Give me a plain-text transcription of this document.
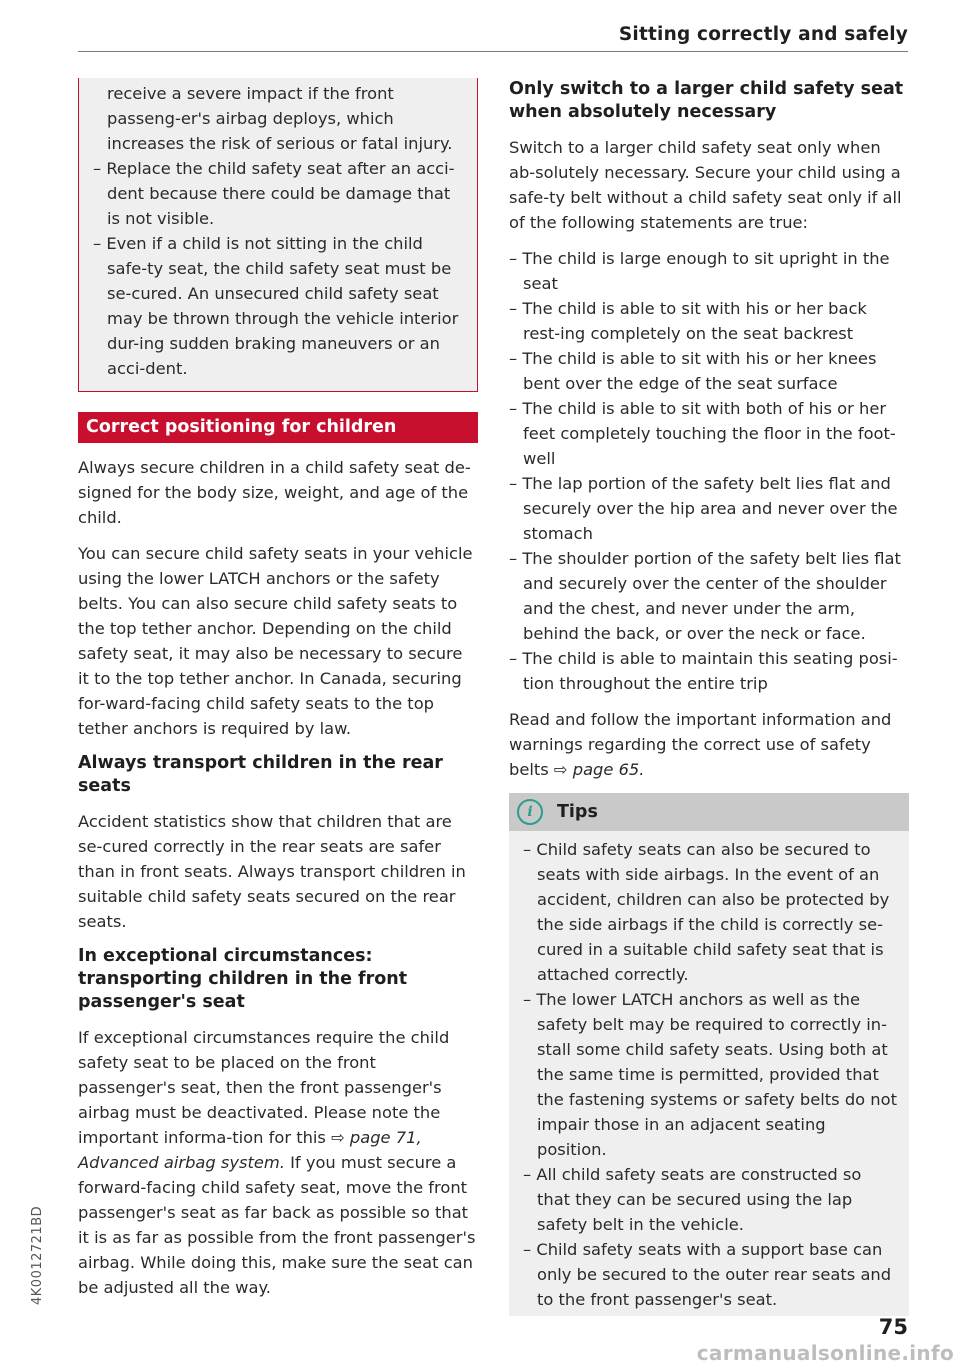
Sitting correctly and safely

receive a severe impact if the front passeng-er's airbag deploys, which increases the risk of serious or fatal injury.

– Replace the child safety seat after an acci-dent because there could be damage that is not visible.
– Even if a child is not sitting in the child safe-ty seat, the child safety seat must be se-cured. An unsecured child safety seat may be thrown through the vehicle interior dur-ing sudden braking maneuvers or an acci-dent.
Correct positioning for children

Always secure children in a child safety seat de-signed for the body size, weight, and age of the child.

You can secure child safety seats in your vehicle using the lower LATCH anchors or the safety belts. You can also secure child safety seats to the top tether anchor. Depending on the child safety seat, it may also be necessary to secure it to the top tether anchor. In Canada, securing for-ward-facing child safety seats to the top tether anchors is required by law.

Always transport children in the rear seats

Accident statistics show that children that are se-cured correctly in the rear seats are safer than in front seats. Always transport children in suitable child safety seats secured on the rear seats.

In exceptional circumstances: transporting children in the front passenger's seat

If exceptional circumstances require the child safety seat to be placed on the front passenger's seat, then the front passenger's airbag must be deactivated. Please note the important informa-tion for this ⇨ page 71, Advanced airbag system. If you must secure a forward-facing child safety seat, move the front passenger's seat as far back as possible so that it is as far as possible from the front passenger's airbag. While doing this, make sure the seat can be adjusted all the way.

Only switch to a larger child safety seat when absolutely necessary

Switch to a larger child safety seat only when ab-solutely necessary. Secure your child using a safe-ty belt without a child safety seat only if all of the following statements are true:

– The child is large enough to sit upright in the seat
– The child is able to sit with his or her back rest-ing completely on the seat backrest
– The child is able to sit with his or her knees bent over the edge of the seat surface
– The child is able to sit with both of his or her feet completely touching the floor in the foot-well
– The lap portion of the safety belt lies flat and securely over the hip area and never over the stomach
– The shoulder portion of the safety belt lies flat and securely over the center of the shoulder and the chest, and never under the arm, behind the back, or over the neck or face.
– The child is able to maintain this seating posi-tion throughout the entire trip

Read and follow the important information and warnings regarding the correct use of safety belts ⇨ page 65.

i	Tips
– Child safety seats can also be secured to seats with side airbags. In the event of an accident, children can also be protected by the side airbags if the child is correctly se-cured in a suitable child safety seat that is attached correctly.
– The lower LATCH anchors as well as the safety belt may be required to correctly in-stall some child safety seats. Using both at the same time is permitted, provided that the fastening systems or safety belts do not impair those in an adjacent seating position.
– All child safety seats are constructed so that they can be secured using the lap safety belt in the vehicle.
– Child safety seats with a support base can only be secured to the outer rear seats and to the front passenger's seat.
4K0012721BD
75
carmanualsonline.info
